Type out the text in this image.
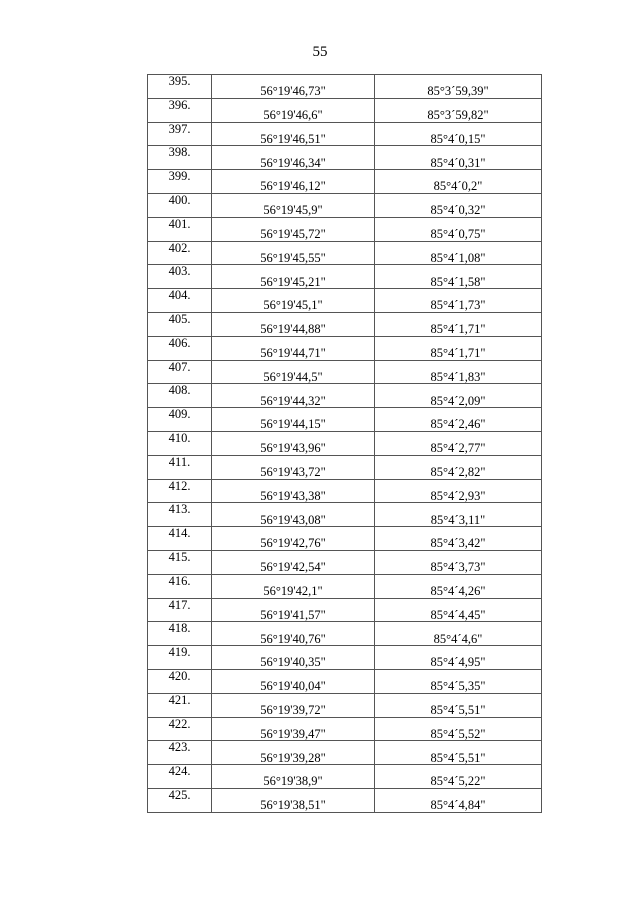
55
395.	56°19'46,73"	85°3´59,39"
396.	56°19'46,6"	85°3´59,82"
397.	56°19'46,51"	85°4´0,15"
398.	56°19'46,34"	85°4´0,31"
399.	56°19'46,12"	85°4´0,2"
400.	56°19'45,9"	85°4´0,32"
401.	56°19'45,72"	85°4´0,75"
402.	56°19'45,55"	85°4´1,08"
403.	56°19'45,21"	85°4´1,58"
404.	56°19'45,1"	85°4´1,73"
405.	56°19'44,88"	85°4´1,71"
406.	56°19'44,71"	85°4´1,71"
407.	56°19'44,5"	85°4´1,83"
408.	56°19'44,32"	85°4´2,09"
409.	56°19'44,15"	85°4´2,46"
410.	56°19'43,96"	85°4´2,77"
411.	56°19'43,72"	85°4´2,82"
412.	56°19'43,38"	85°4´2,93"
413.	56°19'43,08"	85°4´3,11"
414.	56°19'42,76"	85°4´3,42"
415.	56°19'42,54"	85°4´3,73"
416.	56°19'42,1"	85°4´4,26"
417.	56°19'41,57"	85°4´4,45"
418.	56°19'40,76"	85°4´4,6"
419.	56°19'40,35"	85°4´4,95"
420.	56°19'40,04"	85°4´5,35"
421.	56°19'39,72"	85°4´5,51"
422.	56°19'39,47"	85°4´5,52"
423.	56°19'39,28"	85°4´5,51"
424.	56°19'38,9"	85°4´5,22"
425.	56°19'38,51"	85°4´4,84"
